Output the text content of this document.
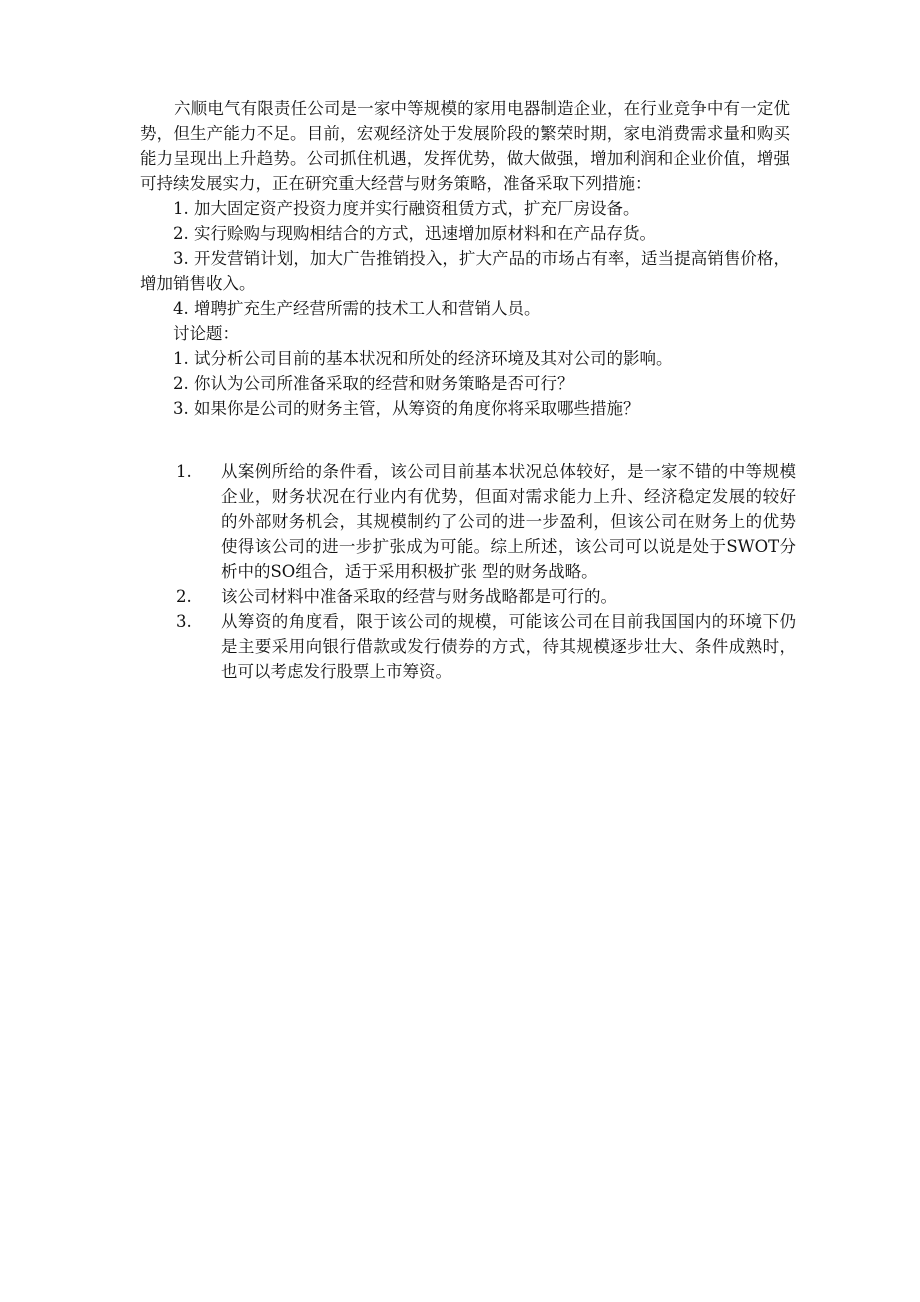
六顺电气有限责任公司是一家中等规模的家用电器制造企业，在行业竞争中有一定优势，但生产能力不足。目前，宏观经济处于发展阶段的繁荣时期，家电消费需求量和购买能力呈现出上升趋势。公司抓住机遇，发挥优势，做大做强，增加利润和企业价值，增强可持续发展实力，正在研究重大经营与财务策略，准备采取下列措施：

1. 加大固定资产投资力度并实行融资租赁方式，扩充厂房设备。

2. 实行赊购与现购相结合的方式，迅速增加原材料和在产品存货。

3. 开发营销计划，加大广告推销投入，扩大产品的市场占有率，适当提高销售价格，增加销售收入。

4. 增聘扩充生产经营所需的技术工人和营销人员。

讨论题：

1. 试分析公司目前的基本状况和所处的经济环境及其对公司的影响。

2. 你认为公司所准备采取的经营和财务策略是否可行？

3. 如果你是公司的财务主管，从筹资的角度你将采取哪些措施？

1.	从案例所给的条件看，该公司目前基本状况总体较好，是一家不错的中等规模企业，财务状况在行业内有优势，但面对需求能力上升、经济稳定发展的较好的外部财务机会，其规模制约了公司的进一步盈利，但该公司在财务上的优势使得该公司的进一步扩张成为可能。综上所述，该公司可以说是处于SWOT分析中的SO组合，适于采用积极扩张 型的财务战略。
2.	该公司材料中准备采取的经营与财务战略都是可行的。
3.	从筹资的角度看，限于该公司的规模，可能该公司在目前我国国内的环境下仍是主要采用向银行借款或发行债券的方式，待其规模逐步壮大、条件成熟时，也可以考虑发行股票上市筹资。
